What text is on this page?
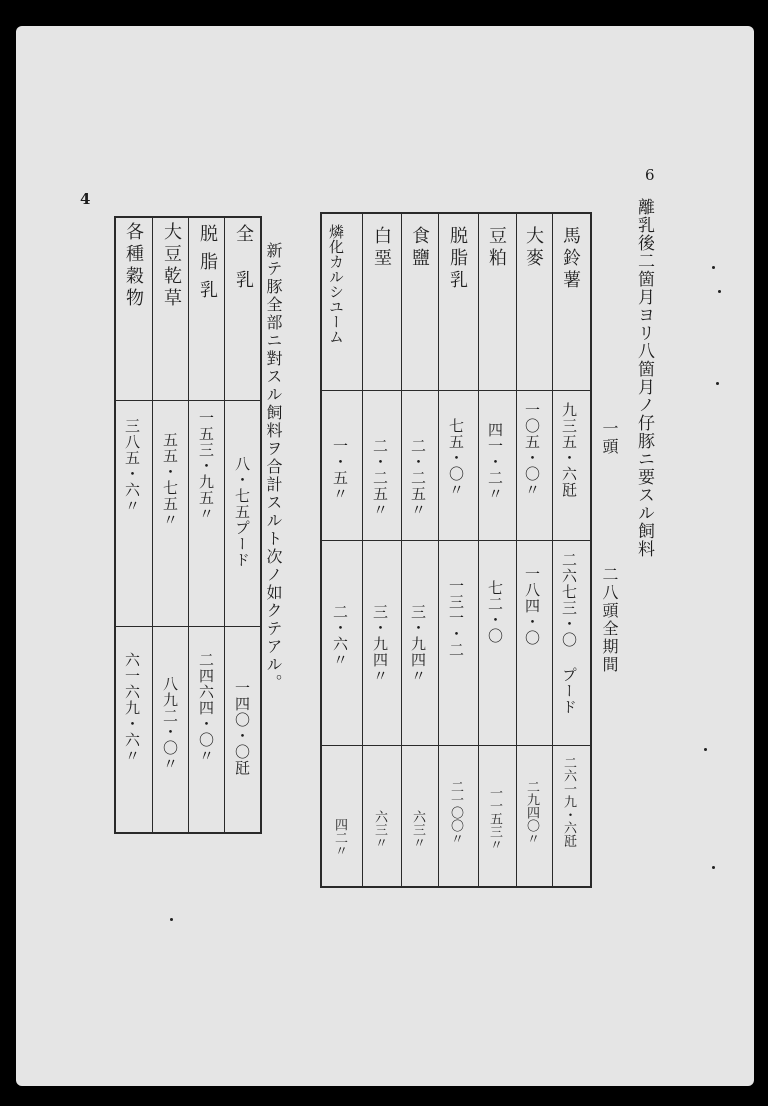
4
6
離乳後二箇月ヨリ八箇月ノ仔豚ニ要スル飼料
一頭
二八頭全期間
馬鈴薯
九三五・六瓩
二六七三・〇 プード
二六一九・六瓩
大麥
一〇五・〇〃
一八四・〇
二九四〇〃
豆粕
四一・二〃
七二・〇
一一五三〃
脱脂乳
七五・〇〃
一三一・二
二一〇〇〃
食鹽
二・二五〃
三・九四〃
六三〃
白堊
二・二五〃
三・九四〃
六三〃
燐化カルシユーム
一・五〃
二・六〃
四二〃
新テ豚全部ニ對スル飼料ヲ合計スルト次ノ如クテアル。
全乳
八・七五プード
一四〇・〇瓩
脱脂乳
一五三・九五〃
二四六四・〇〃
大豆乾草
五五・七五〃
八九二・〇〃
各種穀物
三八五・六〃
六一六九・六〃
